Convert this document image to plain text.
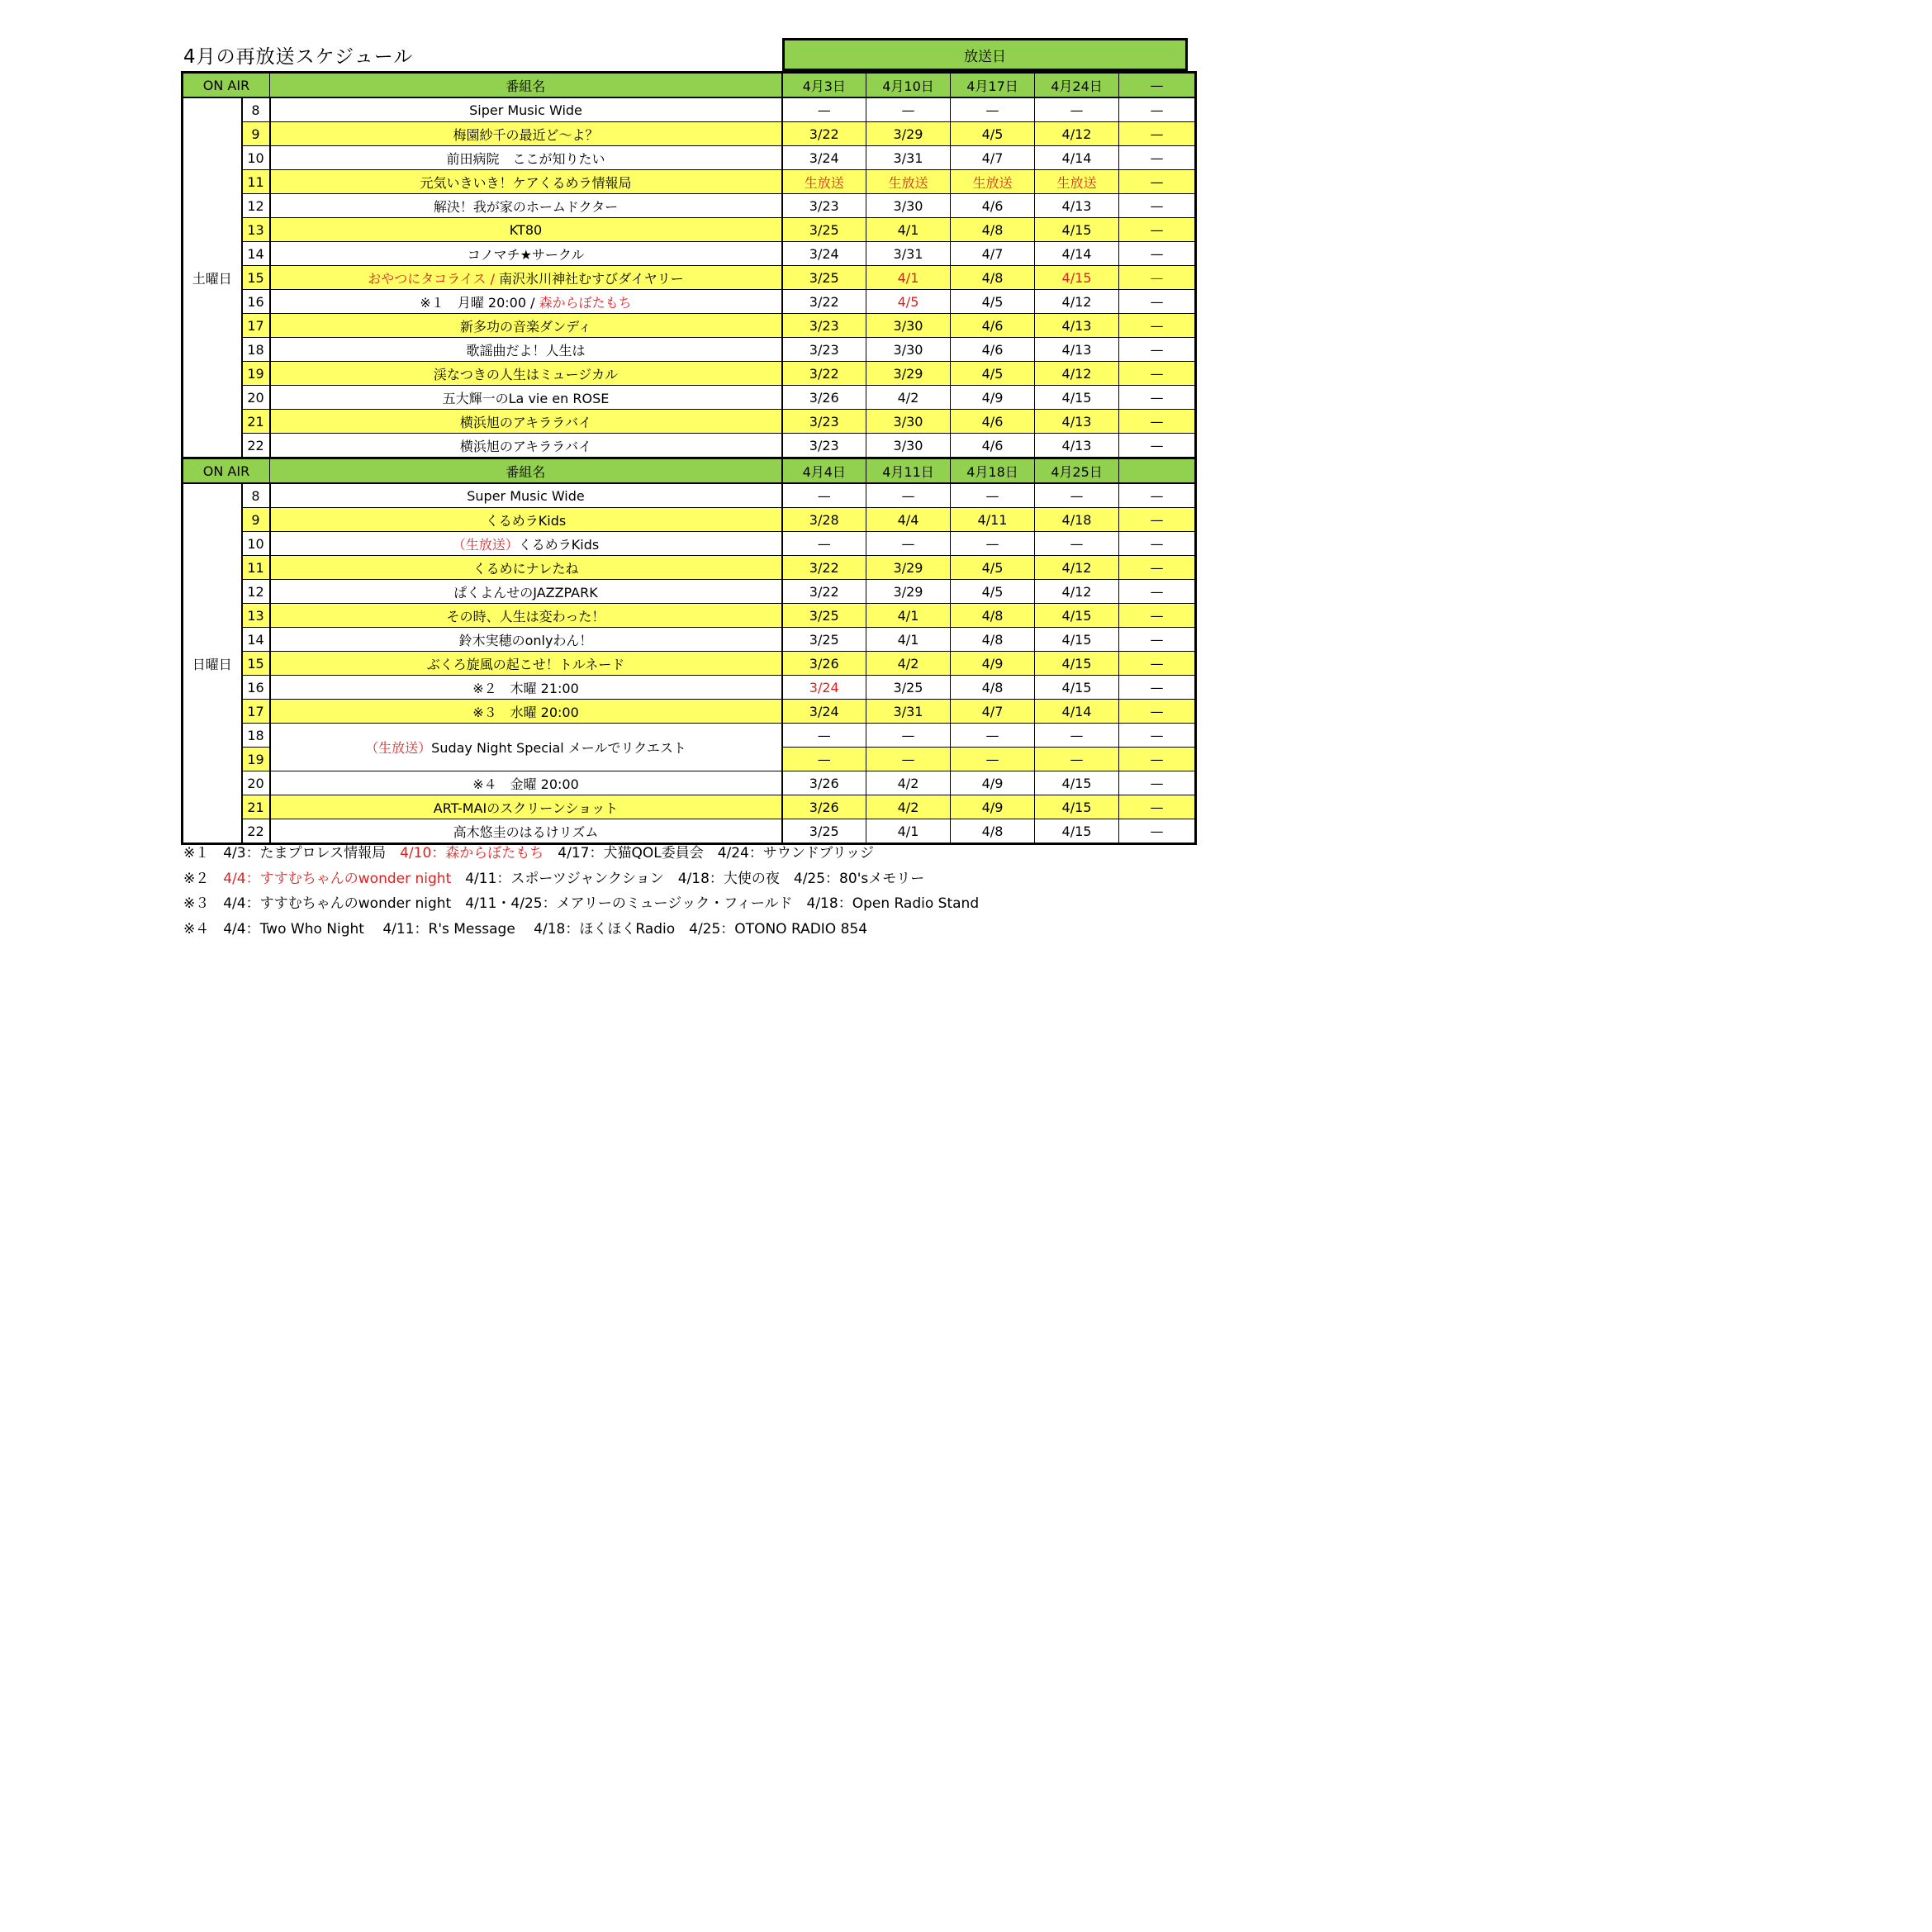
4月の再放送スケジュール	放送日
ON AIR		番組名	4月3日	4月10日	4月17日	4月24日	—
土曜日	8	Siper Music Wide	—	—	—	—	—
	9	梅園紗千の最近ど～よ？	3/22	3/29	4/5	4/12	—
	10	前田病院　ここが知りたい	3/24	3/31	4/7	4/14	—
	11	元気いきいき！ケアくるめラ情報局	生放送	生放送	生放送	生放送	—
	12	解決！我が家のホームドクター	3/23	3/30	4/6	4/13	—
	13	KT80	3/25	4/1	4/8	4/15	—
	14	コノマチ★サークル	3/24	3/31	4/7	4/14	—
	15	おやつにタコライス / 南沢氷川神社むすびダイヤリー	3/25	4/1	4/8	4/15	—
	16	※１　月曜 20:00 / 森からぼたもち	3/22	4/5	4/5	4/12	—
	17	新多功の音楽ダンディ	3/23	3/30	4/6	4/13	—
	18	歌謡曲だよ！人生は	3/23	3/30	4/6	4/13	—
	19	渓なつきの人生はミュージカル	3/22	3/29	4/5	4/12	—
	20	五大輝一のLa vie en ROSE	3/26	4/2	4/9	4/15	—
	21	横浜旭のアキララバイ	3/23	3/30	4/6	4/13	—
	22	横浜旭のアキララバイ	3/23	3/30	4/6	4/13	—
ON AIR		番組名	4月4日	4月11日	4月18日	4月25日	
日曜日	8	Super Music Wide	—	—	—	—	—
	9	くるめラKids	3/28	4/4	4/11	4/18	—
	10	（生放送）くるめラKids	—	—	—	—	—
	11	くるめにナレたね	3/22	3/29	4/5	4/12	—
	12	ぱくよんせのJAZZPARK	3/22	3/29	4/5	4/12	—
	13	その時、人生は変わった！	3/25	4/1	4/8	4/15	—
	14	鈴木実穂のonlyわん！	3/25	4/1	4/8	4/15	—
	15	ぶくろ旋風の起こせ！トルネード	3/26	4/2	4/9	4/15	—
	16	※２　木曜 21:00	3/24	3/25	4/8	4/15	—
	17	※３　水曜 20:00	3/24	3/31	4/7	4/14	—
	18	（生放送）Suday Night Special メールでリクエスト	—	—	—	—	—
	19		—	—	—	—	—
	20	※４　金曜 20:00	3/26	4/2	4/9	4/15	—
	21	ART-MAIのスクリーンショット	3/26	4/2	4/9	4/15	—
	22	高木悠圭のはるけリズム	3/25	4/1	4/8	4/15	—
※１　4/3：たまプロレス情報局　4/10：森からぼたもち　4/17：犬猫QOL委員会　4/24：サウンドブリッジ
※２　4/4：すすむちゃんのwonder night　4/11：スポーツジャンクション　4/18：大使の夜　4/25：80'sメモリー
※３　4/4：すすむちゃんのwonder night　4/11・4/25：メアリーのミュージック・フィールド　4/18：Open Radio Stand
※４　4/4：Two Who Night　 4/11：R's Message　 4/18：ほくほくRadio　4/25：OTONO RADIO 854
